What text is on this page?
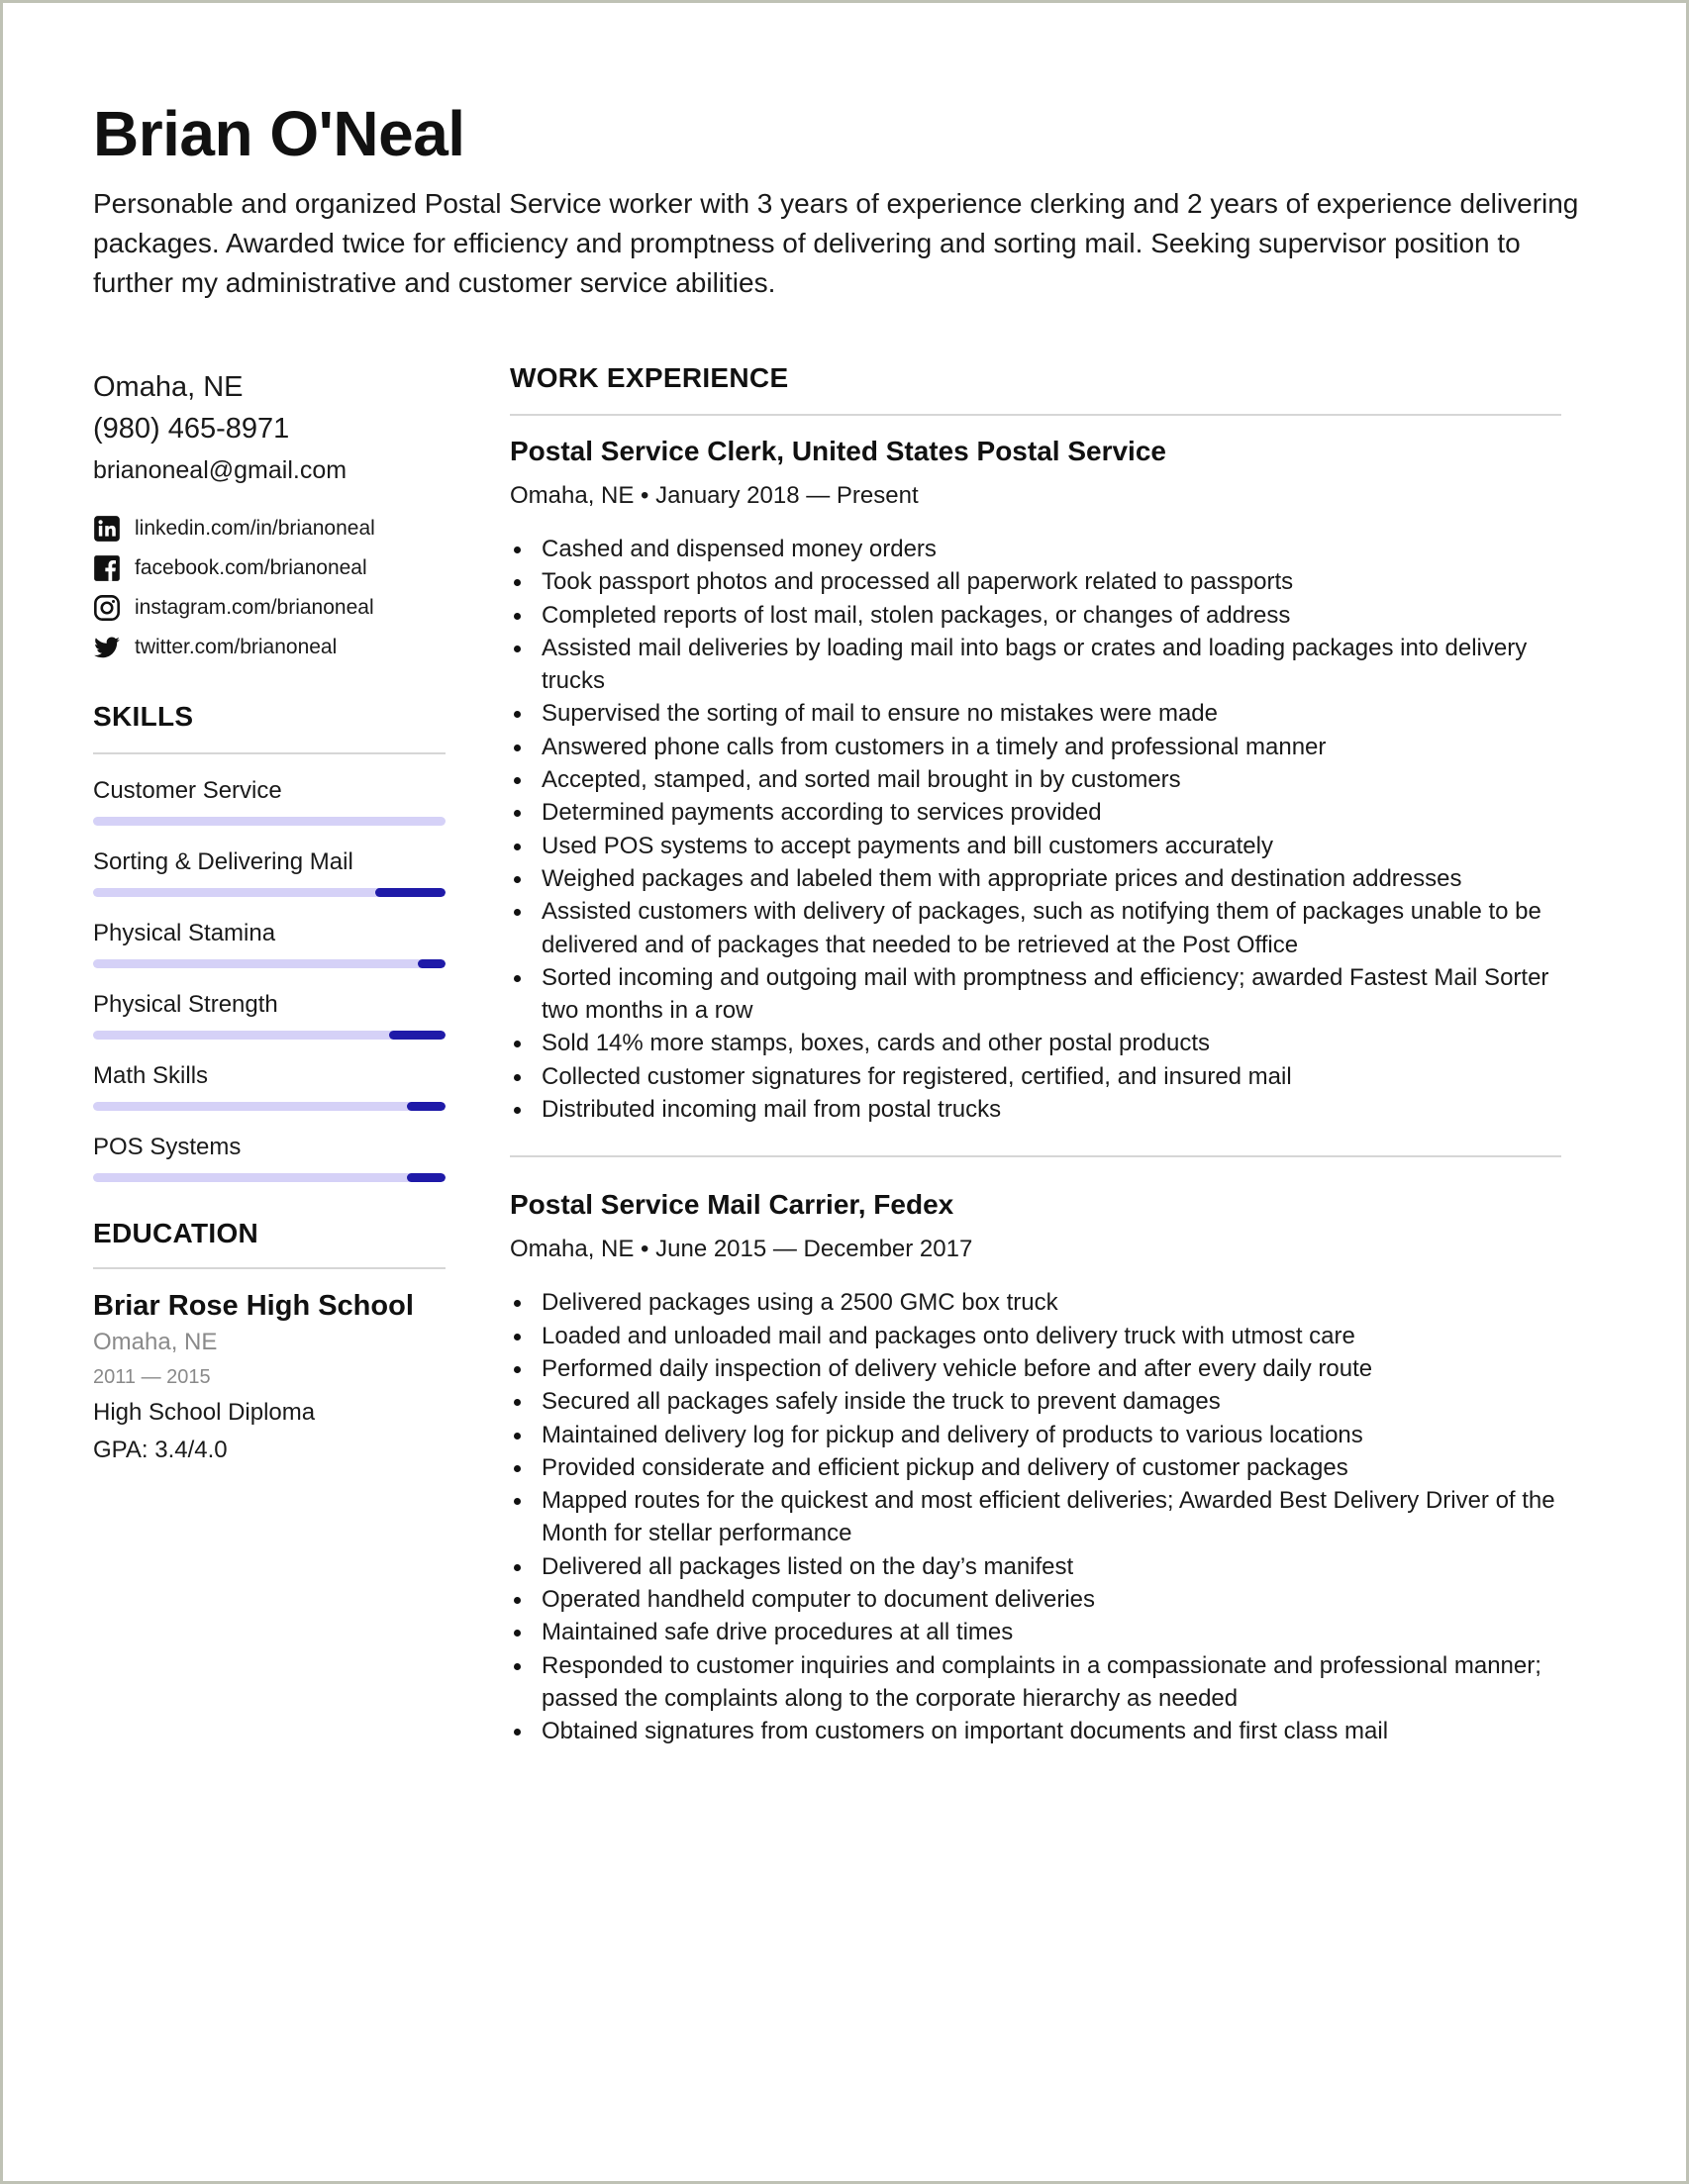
Brian O'Neal

Personable and organized Postal Service worker with 3 years of experience clerking and 2 years of experience delivering packages. Awarded twice for efficiency and promptness of delivering and sorting mail. Seeking supervisor position to further my administrative and customer service abilities.

Omaha, NE
(980) 465-8971
brianoneal@gmail.com
linkedin.com/in/brianoneal
facebook.com/brianoneal
instagram.com/brianoneal
twitter.com/brianoneal
SKILLS
Customer Service
Sorting & Delivering Mail
Physical Stamina
Physical Strength
Math Skills
POS Systems
EDUCATION
Briar Rose High School
Omaha, NE
2011 — 2015
High School Diploma
GPA: 3.4/4.0
WORK EXPERIENCE
Postal Service Clerk, United States Postal Service
Omaha, NE • January 2018 — Present
Cashed and dispensed money orders
Took passport photos and processed all paperwork related to passports
Completed reports of lost mail, stolen packages, or changes of address
Assisted mail deliveries by loading mail into bags or crates and loading packages into delivery trucks
Supervised the sorting of mail to ensure no mistakes were made
Answered phone calls from customers in a timely and professional manner
Accepted, stamped, and sorted mail brought in by customers
Determined payments according to services provided
Used POS systems to accept payments and bill customers accurately
Weighed packages and labeled them with appropriate prices and destination addresses
Assisted customers with delivery of packages, such as notifying them of packages unable to be delivered and of packages that needed to be retrieved at the Post Office
Sorted incoming and outgoing mail with promptness and efficiency; awarded Fastest Mail Sorter two months in a row
Sold 14% more stamps, boxes, cards and other postal products
Collected customer signatures for registered, certified, and insured mail
Distributed incoming mail from postal trucks
Postal Service Mail Carrier, Fedex
Omaha, NE • June 2015 — December 2017
Delivered packages using a 2500 GMC box truck
Loaded and unloaded mail and packages onto delivery truck with utmost care
Performed daily inspection of delivery vehicle before and after every daily route
Secured all packages safely inside the truck to prevent damages
Maintained delivery log for pickup and delivery of products to various locations
Provided considerate and efficient pickup and delivery of customer packages
Mapped routes for the quickest and most efficient deliveries; Awarded Best Delivery Driver of the Month for stellar performance
Delivered all packages listed on the day’s manifest
Operated handheld computer to document deliveries
Maintained safe drive procedures at all times
Responded to customer inquiries and complaints in a compassionate and professional manner; passed the complaints along to the corporate hierarchy as needed
Obtained signatures from customers on important documents and first class mail
